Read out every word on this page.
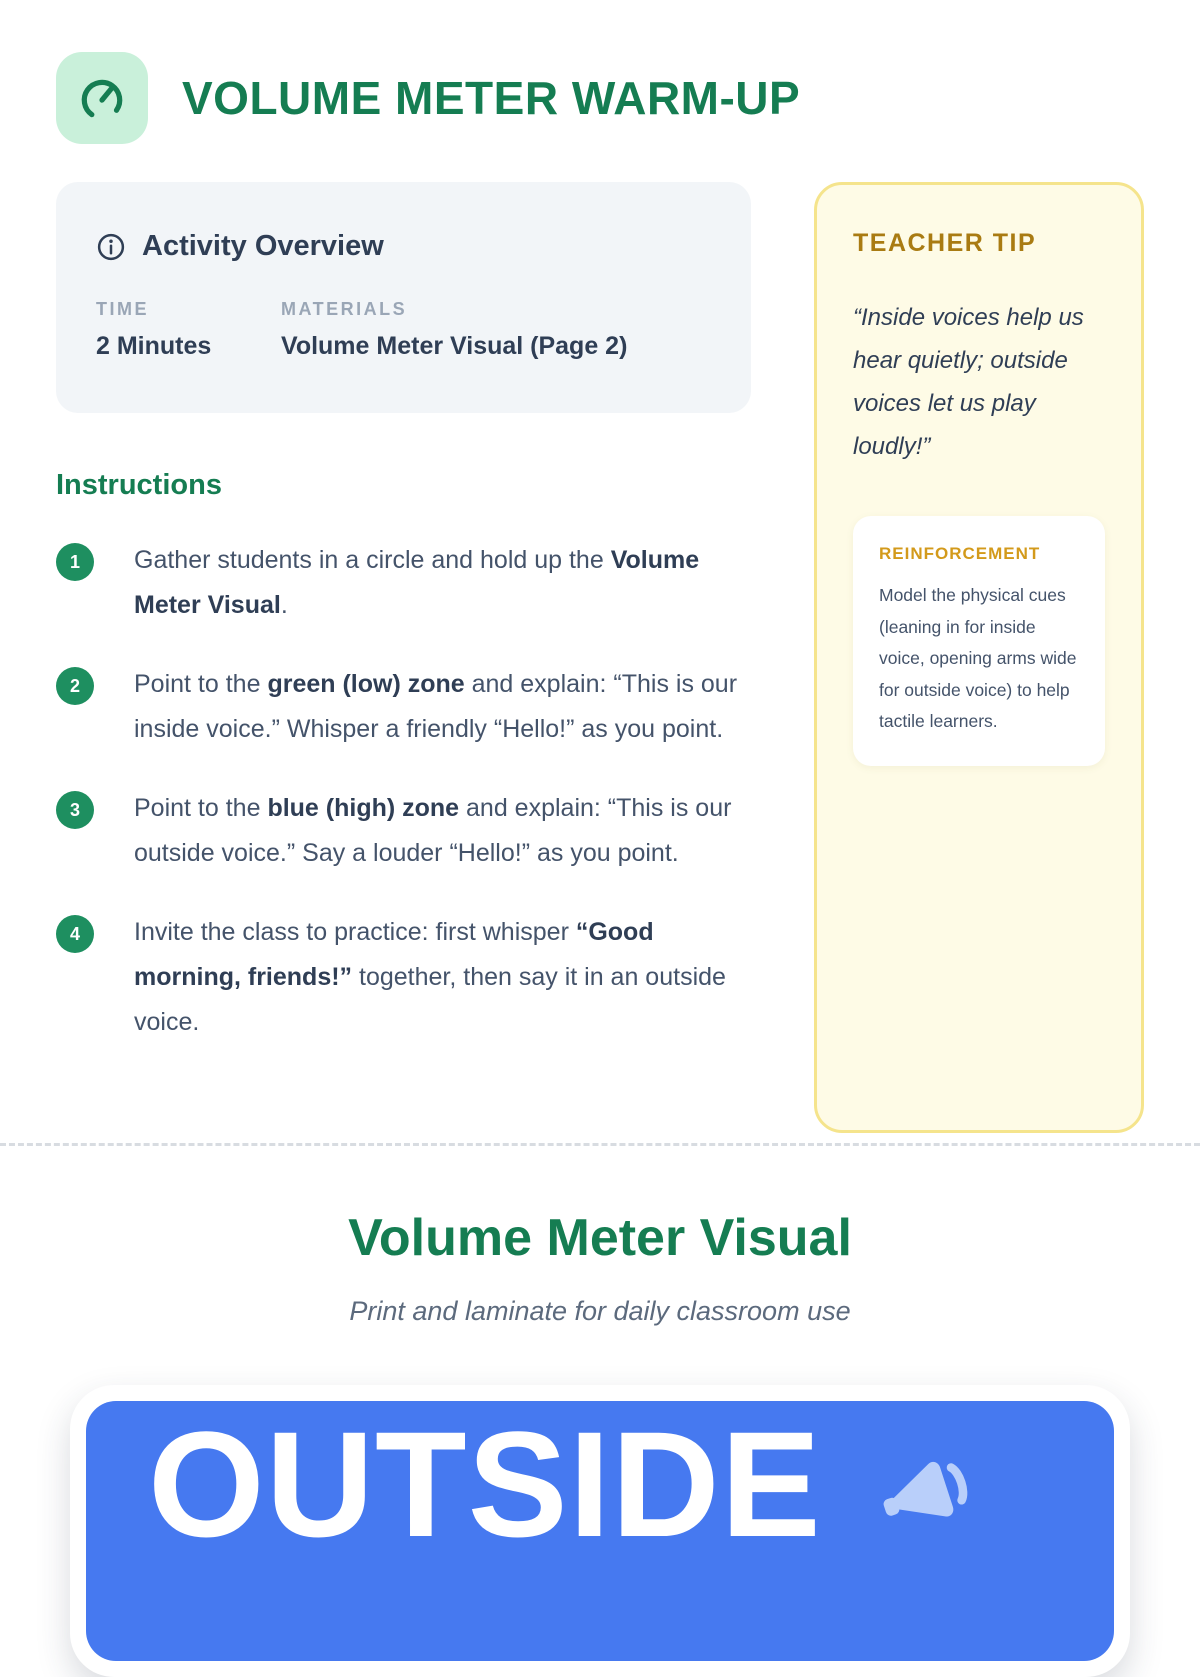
VOLUME METER WARM-UP
Activity Overview
TIME
2 Minutes
MATERIALS
Volume Meter Visual (Page 2)
Instructions
1	Gather students in a circle and hold up the Volume Meter Visual.

2	Point to the green (low) zone and explain: “This is our inside voice.” Whisper a friendly “Hello!” as you point.

3	Point to the blue (high) zone and explain: “This is our outside voice.” Say a louder “Hello!” as you point.

4	Invite the class to practice: first whisper “Good morning, friends!” together, then say it in an outside voice.

TEACHER TIP
“Inside voices help us hear quietly; outside voices let us play loudly!”
REINFORCEMENT
Model the physical cues (leaning in for inside voice, opening arms wide for outside voice) to help tactile learners.
Volume Meter Visual
Print and laminate for daily classroom use
OUTSIDE
